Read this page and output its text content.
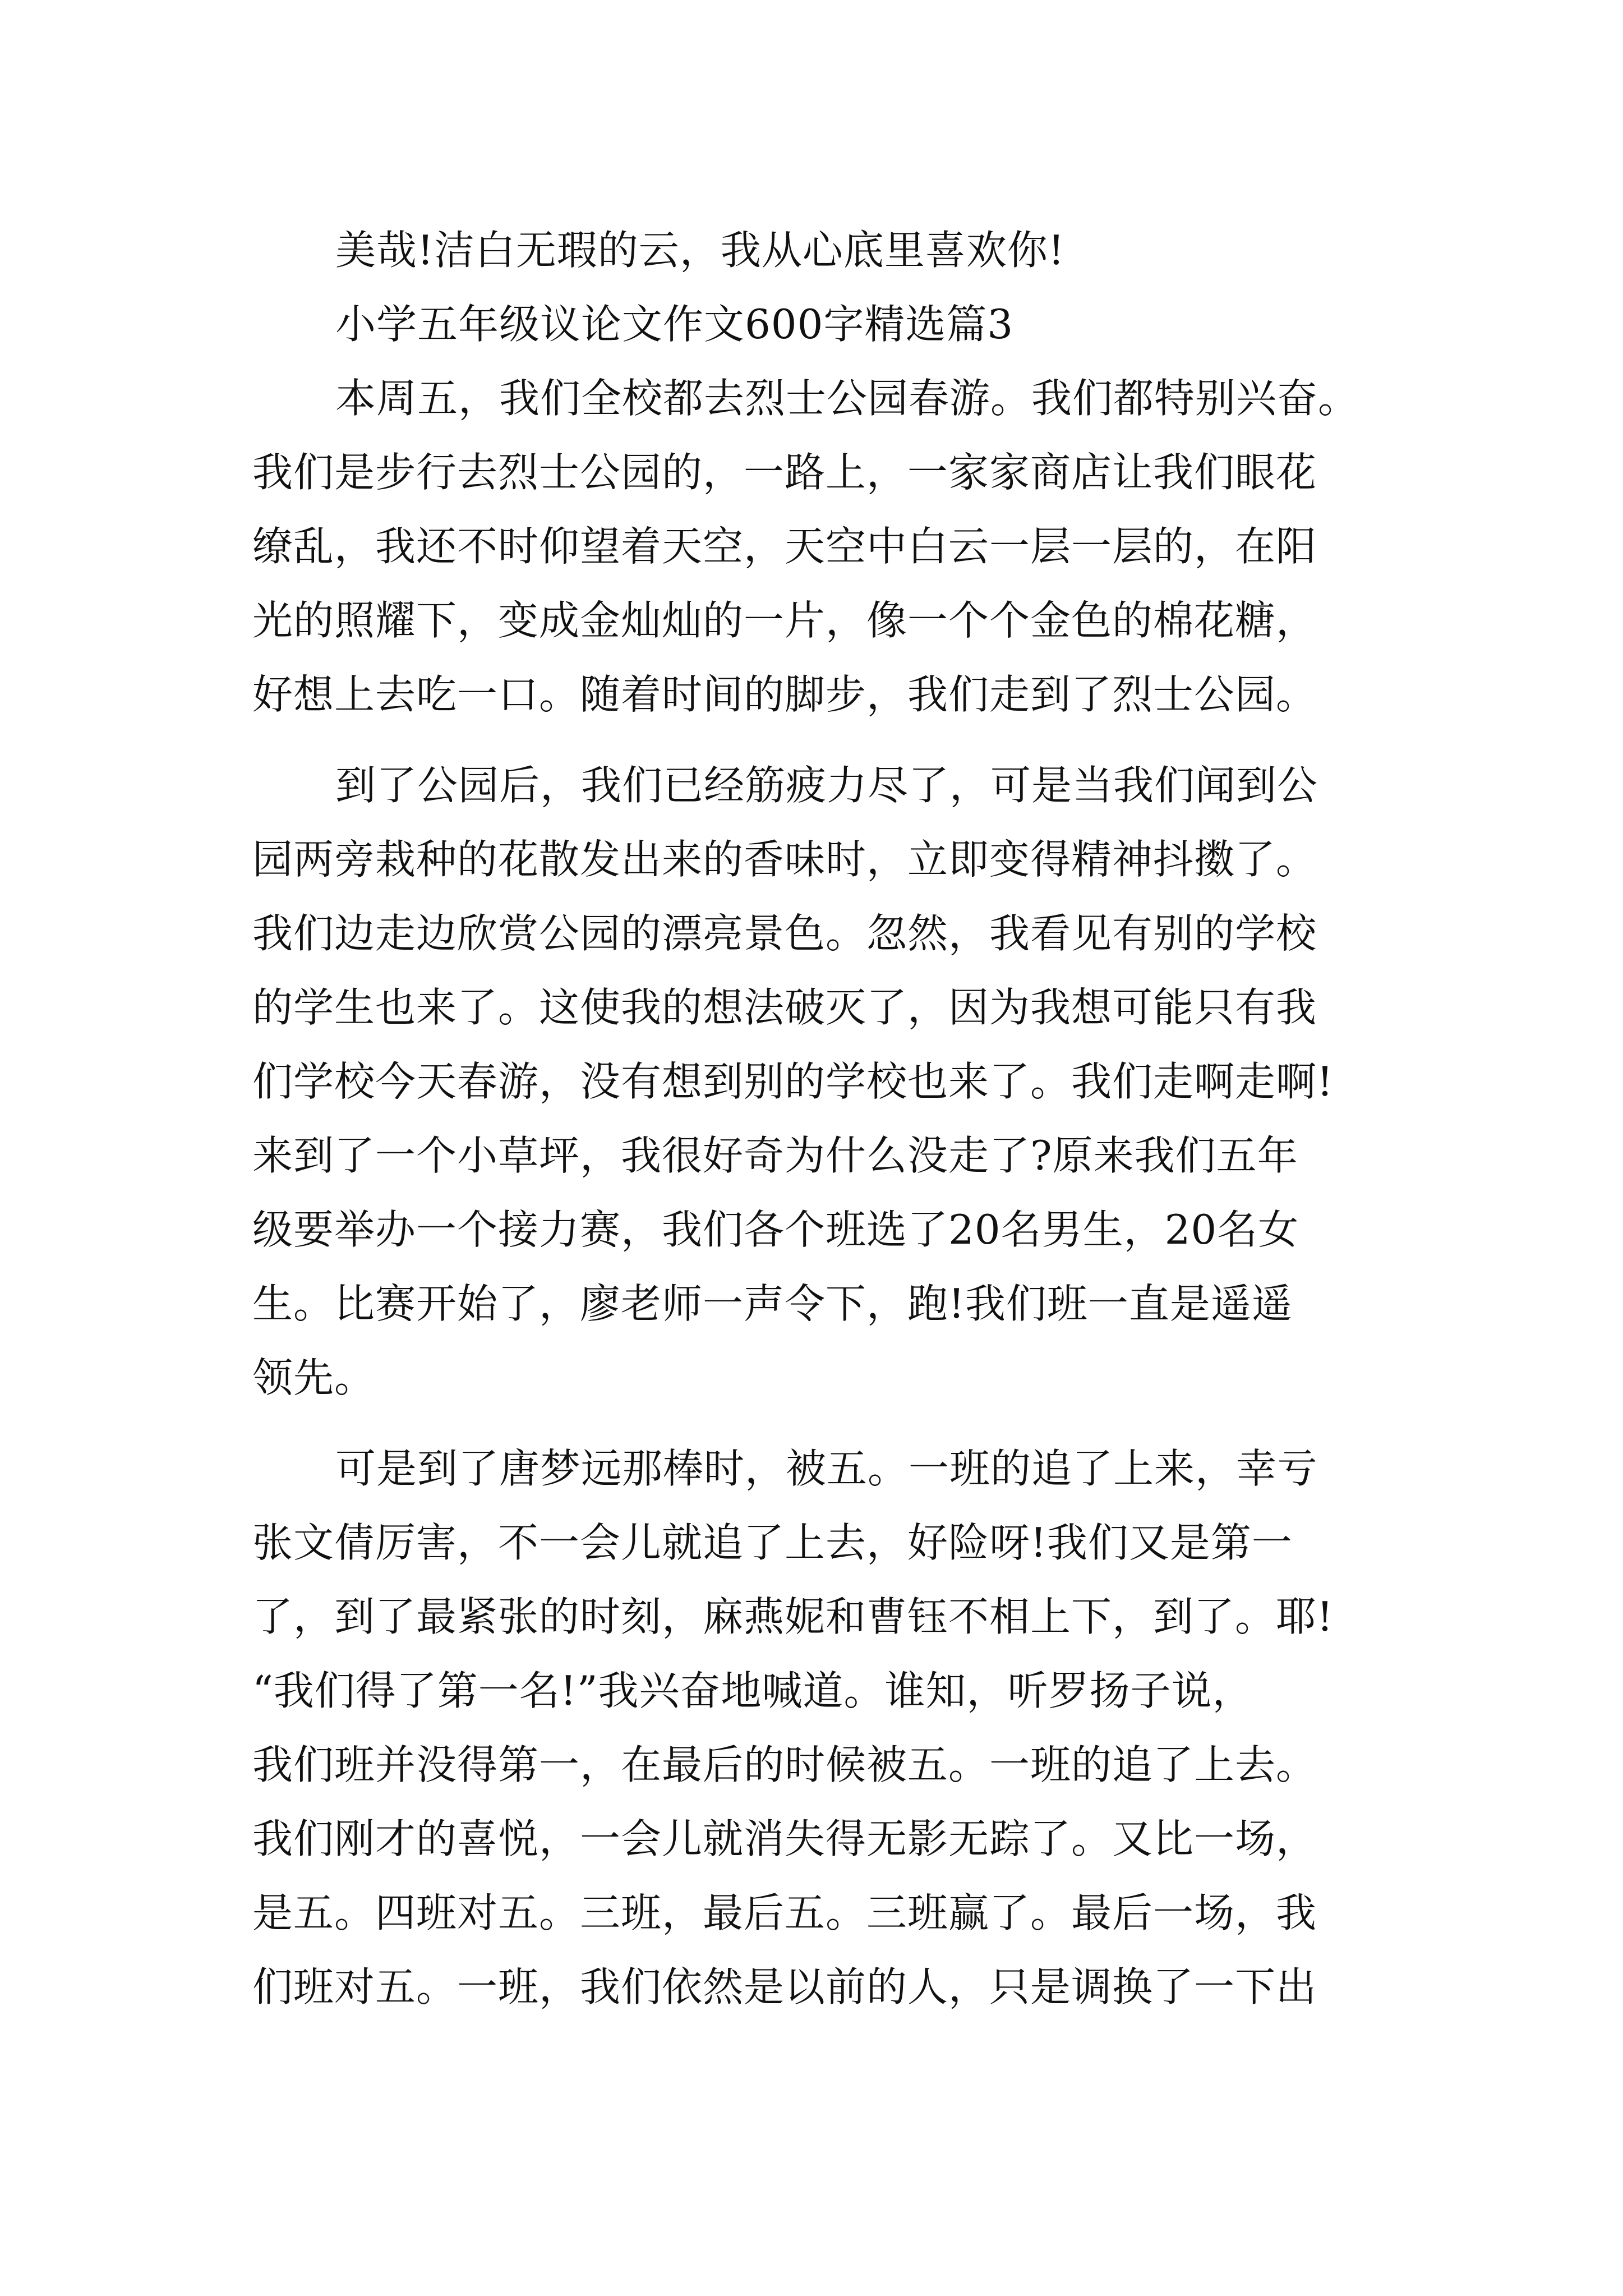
美哉!洁白无瑕的云，我从心底里喜欢你!
小学五年级议论文作文600字精选篇3
本周五，我们全校都去烈士公园春游。我们都特别兴奋。
我们是步行去烈士公园的，一路上，一家家商店让我们眼花
缭乱，我还不时仰望着天空，天空中白云一层一层的，在阳
光的照耀下，变成金灿灿的一片，像一个个金色的棉花糖，
好想上去吃一口。随着时间的脚步，我们走到了烈士公园。
到了公园后，我们已经筋疲力尽了，可是当我们闻到公
园两旁栽种的花散发出来的香味时，立即变得精神抖擞了。
我们边走边欣赏公园的漂亮景色。忽然，我看见有别的学校
的学生也来了。这使我的想法破灭了，因为我想可能只有我
们学校今天春游，没有想到别的学校也来了。我们走啊走啊!
来到了一个小草坪，我很好奇为什么没走了?原来我们五年
级要举办一个接力赛，我们各个班选了20名男生，20名女
生。比赛开始了，廖老师一声令下，跑!我们班一直是遥遥
领先。
可是到了唐梦远那棒时，被五。一班的追了上来，幸亏
张文倩厉害，不一会儿就追了上去，好险呀!我们又是第一
了，到了最紧张的时刻，麻燕妮和曹钰不相上下，到了。耶!
“我们得了第一名!”我兴奋地喊道。谁知，听罗扬子说，
我们班并没得第一，在最后的时候被五。一班的追了上去。
我们刚才的喜悦，一会儿就消失得无影无踪了。又比一场，
是五。四班对五。三班，最后五。三班赢了。最后一场，我
们班对五。一班，我们依然是以前的人，只是调换了一下出
